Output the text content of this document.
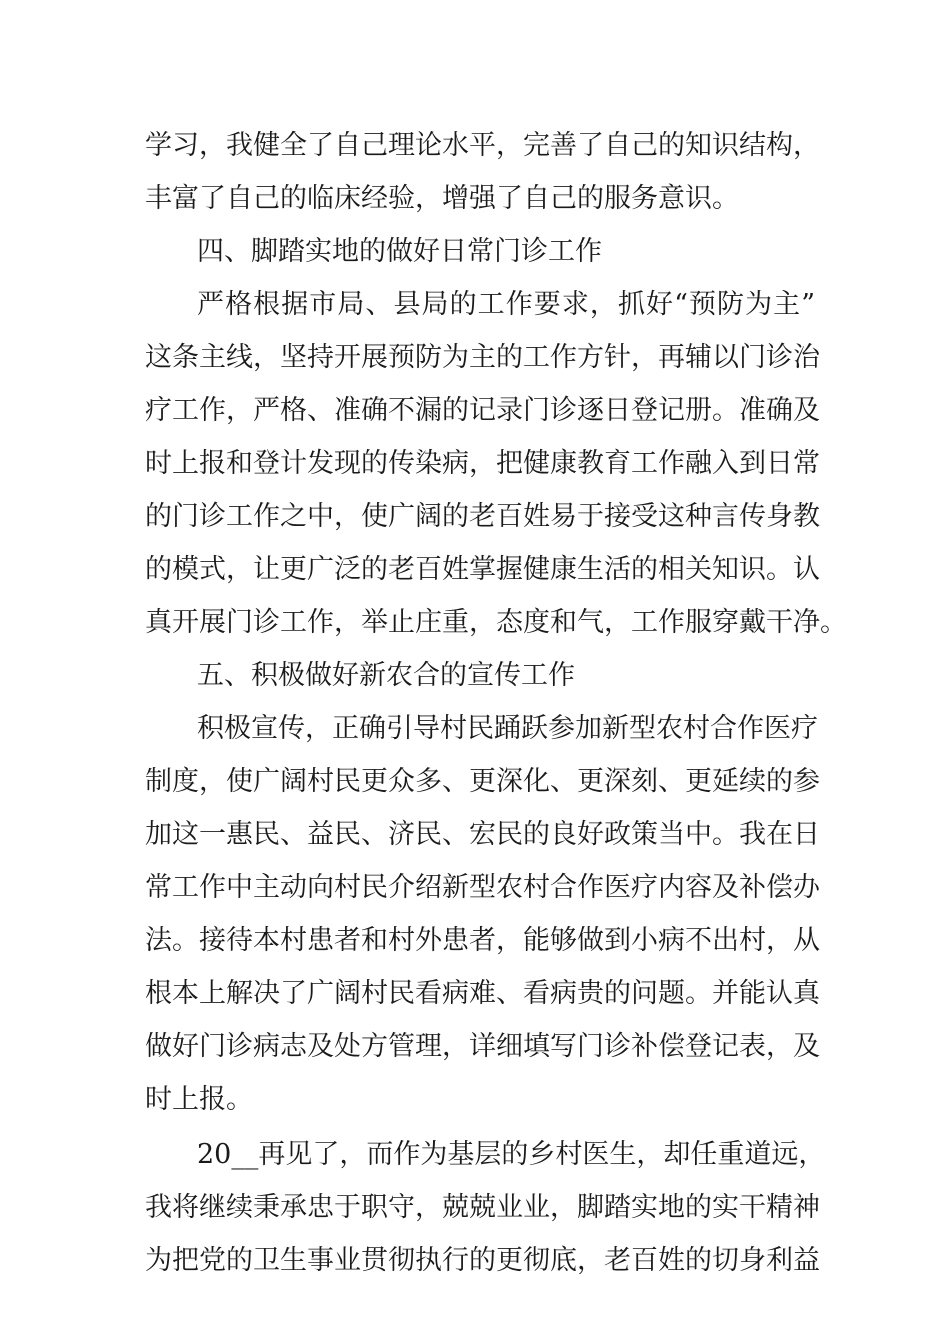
学习，我健全了自己理论水平，完善了自己的知识结构，
丰富了自己的临床经验，增强了自己的服务意识。
四、脚踏实地的做好日常门诊工作
严格根据市局、县局的工作要求，抓好“预防为主”
这条主线，坚持开展预防为主的工作方针，再辅以门诊治
疗工作，严格、准确不漏的记录门诊逐日登记册。准确及
时上报和登计发现的传染病，把健康教育工作融入到日常
的门诊工作之中，使广阔的老百姓易于接受这种言传身教
的模式，让更广泛的老百姓掌握健康生活的相关知识。认
真开展门诊工作，举止庄重，态度和气，工作服穿戴干净。
五、积极做好新农合的宣传工作
积极宣传，正确引导村民踊跃参加新型农村合作医疗
制度，使广阔村民更众多、更深化、更深刻、更延续的参
加这一惠民、益民、济民、宏民的良好政策当中。我在日
常工作中主动向村民介绍新型农村合作医疗内容及补偿办
法。接待本村患者和村外患者，能够做到小病不出村，从
根本上解决了广阔村民看病难、看病贵的问题。并能认真
做好门诊病志及处方管理，详细填写门诊补偿登记表，及
时上报。
20__再见了，而作为基层的乡村医生，却任重道远，
我将继续秉承忠于职守，兢兢业业，脚踏实地的实干精神
为把党的卫生事业贯彻执行的更彻底，老百姓的切身利益
